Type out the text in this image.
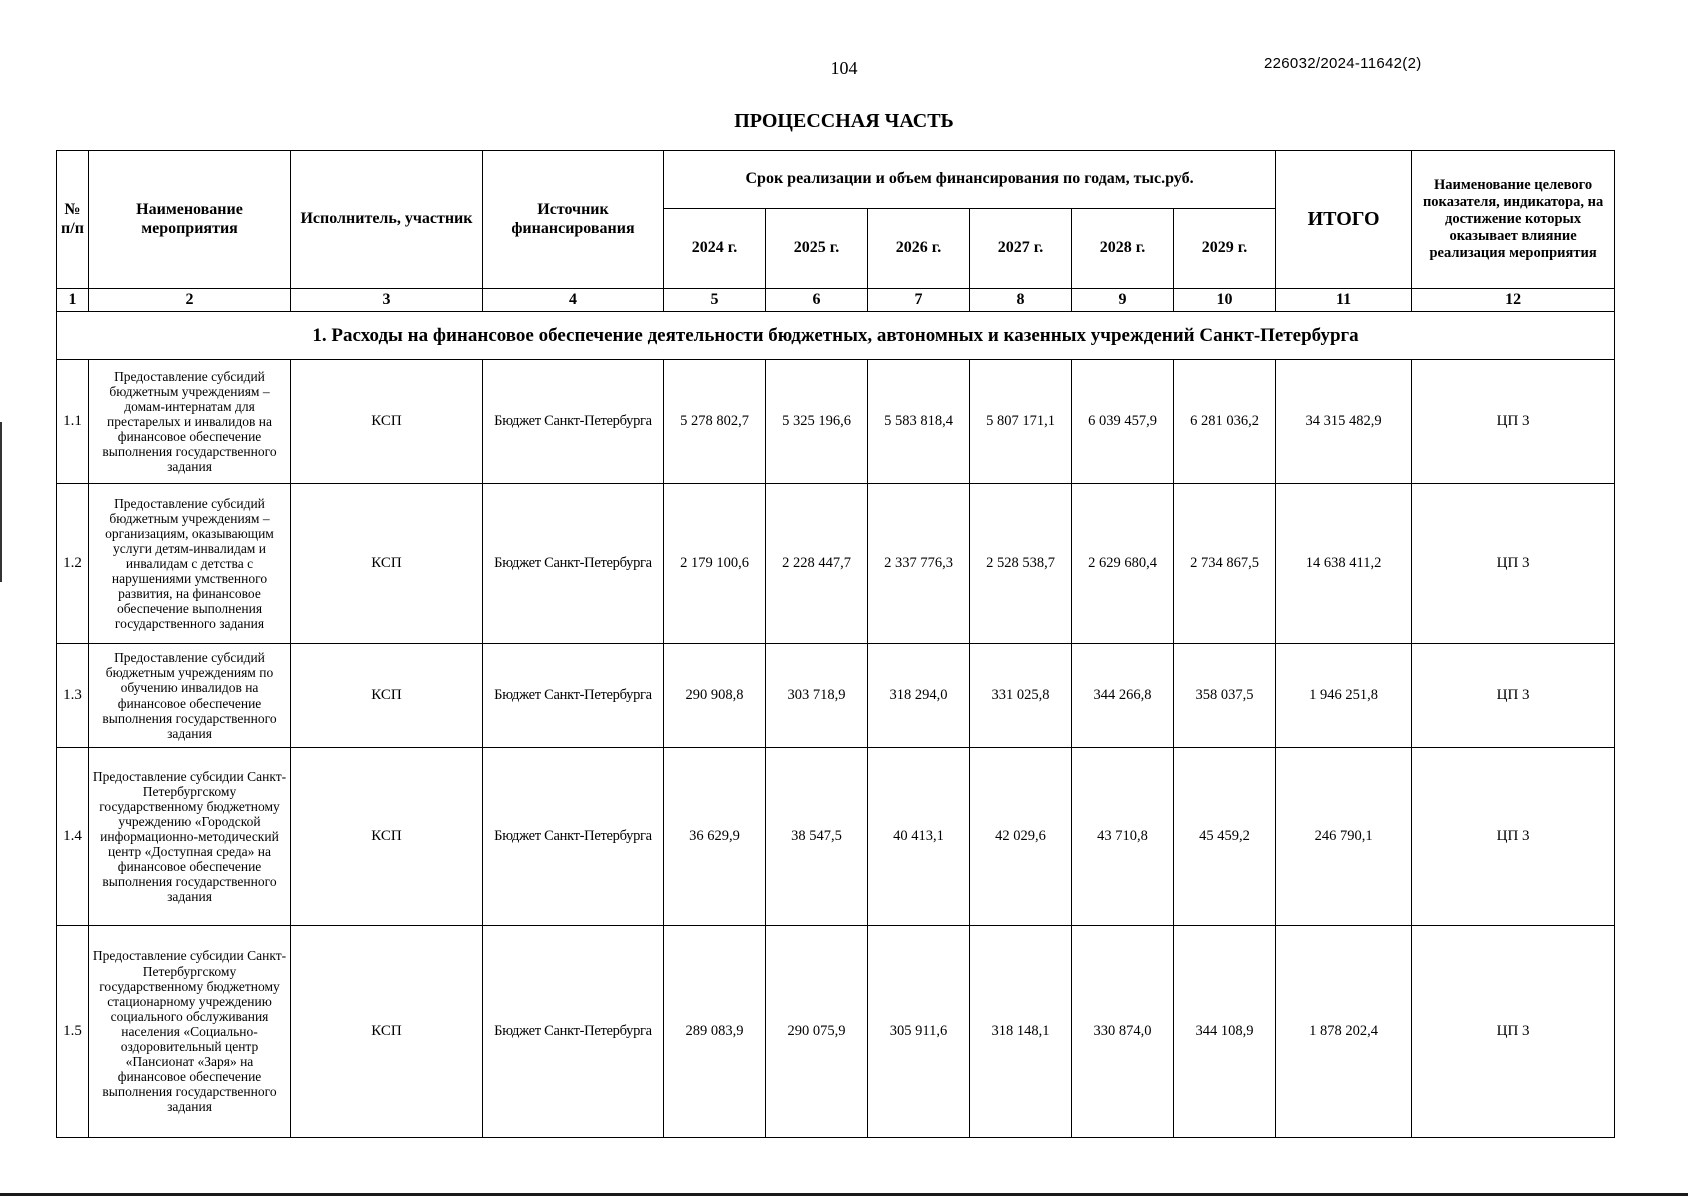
104	226032/2024-11642(2)
ПРОЦЕССНАЯ ЧАСТЬ
№ п/п	Наименование мероприятия	Исполнитель, участник	Источник финансирования	Срок реализации и объем финансирования по годам, тыс.руб.						ИТОГО	Наименование целевого показателя, индикатора, на достижение которых оказывает влияние реализация мероприятия
				2024 г.	2025 г.	2026 г.	2027 г.	2028 г.	2029 г.		
1	2	3	4	5	6	7	8	9	10	11	12
1. Расходы на финансовое обеспечение деятельности бюджетных, автономных и казенных учреждений Санкт-Петербурга											
1.1	Предоставление субсидий бюджетным учреждениям – домам-интернатам для престарелых и инвалидов на финансовое обеспечение выполнения государственного задания	КСП	Бюджет Санкт-Петербурга	5 278 802,7	5 325 196,6	5 583 818,4	5 807 171,1	6 039 457,9	6 281 036,2	34 315 482,9	ЦП 3
1.2	Предоставление субсидий бюджетным учреждениям – организациям, оказывающим услуги детям-инвалидам и инвалидам с детства с нарушениями умственного развития, на финансовое обеспечение выполнения государственного задания	КСП	Бюджет Санкт-Петербурга	2 179 100,6	2 228 447,7	2 337 776,3	2 528 538,7	2 629 680,4	2 734 867,5	14 638 411,2	ЦП 3
1.3	Предоставление субсидий бюджетным учреждениям по обучению инвалидов на финансовое обеспечение выполнения государственного задания	КСП	Бюджет Санкт-Петербурга	290 908,8	303 718,9	318 294,0	331 025,8	344 266,8	358 037,5	1 946 251,8	ЦП 3
1.4	Предоставление субсидии Санкт-Петербургскому государственному бюджетному учреждению «Городской информационно-методический центр «Доступная среда» на финансовое обеспечение выполнения государственного задания	КСП	Бюджет Санкт-Петербурга	36 629,9	38 547,5	40 413,1	42 029,6	43 710,8	45 459,2	246 790,1	ЦП 3
1.5	Предоставление субсидии Санкт-Петербургскому государственному бюджетному стационарному учреждению социального обслуживания населения «Социально-оздоровительный центр «Пансионат «Заря» на финансовое обеспечение выполнения государственного задания	КСП	Бюджет Санкт-Петербурга	289 083,9	290 075,9	305 911,6	318 148,1	330 874,0	344 108,9	1 878 202,4	ЦП 3
